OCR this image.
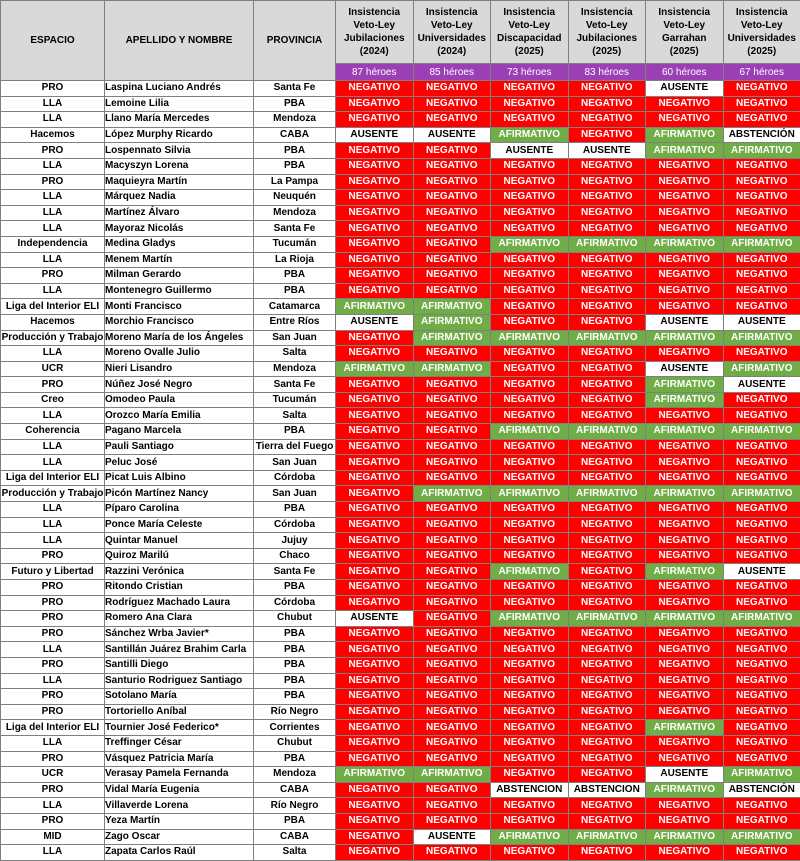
ESPACIO	APELLIDO Y NOMBRE	PROVINCIA	Insistencia
Veto-Ley
Jubilaciones
(2024)	Insistencia
Veto-Ley
Universidades
(2024)	Insistencia
Veto-Ley
Discapacidad
(2025)	Insistencia
Veto-Ley
Jubilaciones
(2025)	Insistencia
Veto-Ley
Garrahan
(2025)	Insistencia
Veto-Ley
Universidades
(2025)
			87 héroes	85 héroes	73 héroes	83 héroes	60 héroes	67 héroes
PRO	Laspina Luciano Andrés	Santa Fe	NEGATIVO	NEGATIVO	NEGATIVO	NEGATIVO	AUSENTE	NEGATIVO
LLA	Lemoine Lilia	PBA	NEGATIVO	NEGATIVO	NEGATIVO	NEGATIVO	NEGATIVO	NEGATIVO
LLA	Llano María Mercedes	Mendoza	NEGATIVO	NEGATIVO	NEGATIVO	NEGATIVO	NEGATIVO	NEGATIVO
Hacemos	López Murphy Ricardo	CABA	AUSENTE	AUSENTE	AFIRMATIVO	NEGATIVO	AFIRMATIVO	ABSTENCIÓN
PRO	Lospennato Silvia	PBA	NEGATIVO	NEGATIVO	AUSENTE	AUSENTE	AFIRMATIVO	AFIRMATIVO
LLA	Macyszyn Lorena	PBA	NEGATIVO	NEGATIVO	NEGATIVO	NEGATIVO	NEGATIVO	NEGATIVO
PRO	Maquieyra Martín	La Pampa	NEGATIVO	NEGATIVO	NEGATIVO	NEGATIVO	NEGATIVO	NEGATIVO
LLA	Márquez Nadia	Neuquén	NEGATIVO	NEGATIVO	NEGATIVO	NEGATIVO	NEGATIVO	NEGATIVO
LLA	Martínez Álvaro	Mendoza	NEGATIVO	NEGATIVO	NEGATIVO	NEGATIVO	NEGATIVO	NEGATIVO
LLA	Mayoraz Nicolás	Santa Fe	NEGATIVO	NEGATIVO	NEGATIVO	NEGATIVO	NEGATIVO	NEGATIVO
Independencia	Medina Gladys	Tucumán	NEGATIVO	NEGATIVO	AFIRMATIVO	AFIRMATIVO	AFIRMATIVO	AFIRMATIVO
LLA	Menem Martín	La Rioja	NEGATIVO	NEGATIVO	NEGATIVO	NEGATIVO	NEGATIVO	NEGATIVO
PRO	Milman Gerardo	PBA	NEGATIVO	NEGATIVO	NEGATIVO	NEGATIVO	NEGATIVO	NEGATIVO
LLA	Montenegro Guillermo	PBA	NEGATIVO	NEGATIVO	NEGATIVO	NEGATIVO	NEGATIVO	NEGATIVO
Liga del Interior ELI	Monti Francisco	Catamarca	AFIRMATIVO	AFIRMATIVO	NEGATIVO	NEGATIVO	NEGATIVO	NEGATIVO
Hacemos	Morchio Francisco	Entre Ríos	AUSENTE	AFIRMATIVO	NEGATIVO	NEGATIVO	AUSENTE	AUSENTE
Producción y Trabajo	Moreno María de los Ángeles	San Juan	NEGATIVO	AFIRMATIVO	AFIRMATIVO	AFIRMATIVO	AFIRMATIVO	AFIRMATIVO
LLA	Moreno Ovalle Julio	Salta	NEGATIVO	NEGATIVO	NEGATIVO	NEGATIVO	NEGATIVO	NEGATIVO
UCR	Nieri Lisandro	Mendoza	AFIRMATIVO	AFIRMATIVO	NEGATIVO	NEGATIVO	AUSENTE	AFIRMATIVO
PRO	Núñez José Negro	Santa Fe	NEGATIVO	NEGATIVO	NEGATIVO	NEGATIVO	AFIRMATIVO	AUSENTE
Creo	Omodeo Paula	Tucumán	NEGATIVO	NEGATIVO	NEGATIVO	NEGATIVO	AFIRMATIVO	NEGATIVO
LLA	Orozco María Emilia	Salta	NEGATIVO	NEGATIVO	NEGATIVO	NEGATIVO	NEGATIVO	NEGATIVO
Coherencia	Pagano Marcela	PBA	NEGATIVO	NEGATIVO	AFIRMATIVO	AFIRMATIVO	AFIRMATIVO	AFIRMATIVO
LLA	Pauli Santiago	Tierra del Fuego	NEGATIVO	NEGATIVO	NEGATIVO	NEGATIVO	NEGATIVO	NEGATIVO
LLA	Peluc José	San Juan	NEGATIVO	NEGATIVO	NEGATIVO	NEGATIVO	NEGATIVO	NEGATIVO
Liga del Interior ELI	Picat Luis Albino	Córdoba	NEGATIVO	NEGATIVO	NEGATIVO	NEGATIVO	NEGATIVO	NEGATIVO
Producción y Trabajo	Picón Martínez Nancy	San Juan	NEGATIVO	AFIRMATIVO	AFIRMATIVO	AFIRMATIVO	AFIRMATIVO	AFIRMATIVO
LLA	Píparo Carolina	PBA	NEGATIVO	NEGATIVO	NEGATIVO	NEGATIVO	NEGATIVO	NEGATIVO
LLA	Ponce María Celeste	Córdoba	NEGATIVO	NEGATIVO	NEGATIVO	NEGATIVO	NEGATIVO	NEGATIVO
LLA	Quintar Manuel	Jujuy	NEGATIVO	NEGATIVO	NEGATIVO	NEGATIVO	NEGATIVO	NEGATIVO
PRO	Quiroz Marilú	Chaco	NEGATIVO	NEGATIVO	NEGATIVO	NEGATIVO	NEGATIVO	NEGATIVO
Futuro y Libertad	Razzini Verónica	Santa Fe	NEGATIVO	NEGATIVO	AFIRMATIVO	NEGATIVO	AFIRMATIVO	AUSENTE
PRO	Ritondo Cristian	PBA	NEGATIVO	NEGATIVO	NEGATIVO	NEGATIVO	NEGATIVO	NEGATIVO
PRO	Rodríguez Machado Laura	Córdoba	NEGATIVO	NEGATIVO	NEGATIVO	NEGATIVO	NEGATIVO	NEGATIVO
PRO	Romero Ana Clara	Chubut	AUSENTE	NEGATIVO	AFIRMATIVO	AFIRMATIVO	AFIRMATIVO	AFIRMATIVO
PRO	Sánchez Wrba Javier*	PBA	NEGATIVO	NEGATIVO	NEGATIVO	NEGATIVO	NEGATIVO	NEGATIVO
LLA	Santillán Juárez Brahim Carla	PBA	NEGATIVO	NEGATIVO	NEGATIVO	NEGATIVO	NEGATIVO	NEGATIVO
PRO	Santilli Diego	PBA	NEGATIVO	NEGATIVO	NEGATIVO	NEGATIVO	NEGATIVO	NEGATIVO
LLA	Santurio Rodriguez Santiago	PBA	NEGATIVO	NEGATIVO	NEGATIVO	NEGATIVO	NEGATIVO	NEGATIVO
PRO	Sotolano María	PBA	NEGATIVO	NEGATIVO	NEGATIVO	NEGATIVO	NEGATIVO	NEGATIVO
PRO	Tortoriello Aníbal	Río Negro	NEGATIVO	NEGATIVO	NEGATIVO	NEGATIVO	NEGATIVO	NEGATIVO
Liga del Interior ELI	Tournier José Federico*	Corrientes	NEGATIVO	NEGATIVO	NEGATIVO	NEGATIVO	AFIRMATIVO	NEGATIVO
LLA	Treffinger César	Chubut	NEGATIVO	NEGATIVO	NEGATIVO	NEGATIVO	NEGATIVO	NEGATIVO
PRO	Vásquez Patricia María	PBA	NEGATIVO	NEGATIVO	NEGATIVO	NEGATIVO	NEGATIVO	NEGATIVO
UCR	Verasay Pamela Fernanda	Mendoza	AFIRMATIVO	AFIRMATIVO	NEGATIVO	NEGATIVO	AUSENTE	AFIRMATIVO
PRO	Vidal María Eugenia	CABA	NEGATIVO	NEGATIVO	ABSTENCION	ABSTENCION	AFIRMATIVO	ABSTENCIÓN
LLA	Villaverde Lorena	Río Negro	NEGATIVO	NEGATIVO	NEGATIVO	NEGATIVO	NEGATIVO	NEGATIVO
PRO	Yeza Martín	PBA	NEGATIVO	NEGATIVO	NEGATIVO	NEGATIVO	NEGATIVO	NEGATIVO
MID	Zago Oscar	CABA	NEGATIVO	AUSENTE	AFIRMATIVO	AFIRMATIVO	AFIRMATIVO	AFIRMATIVO
LLA	Zapata Carlos Raúl	Salta	NEGATIVO	NEGATIVO	NEGATIVO	NEGATIVO	NEGATIVO	NEGATIVO
